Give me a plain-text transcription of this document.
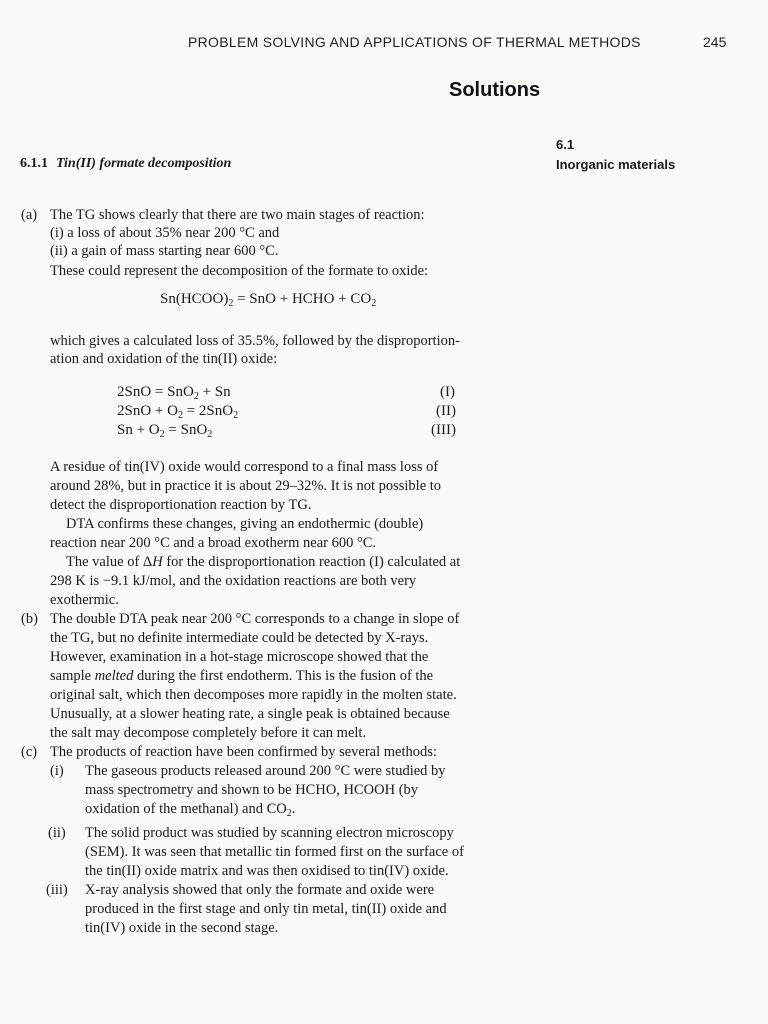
PROBLEM SOLVING AND APPLICATIONS OF THERMAL METHODS	245
Solutions
6.1
Inorganic materials
6.1.1 Tin(II) formate decomposition
(a) The TG shows clearly that there are two main stages of reaction:
(i) a loss of about 35% near 200 °C and
(ii) a gain of mass starting near 600 °C.
These could represent the decomposition of the formate to oxide:
$Sn(HCOO)_2$ = SnO + HCHO + $CO_2$
which gives a calculated loss of 35.5%, followed by the disproportion-
ation and oxidation of the tin(II) oxide:
2SnO = SnO$_2$ + Sn	(I)
$2SnO + O_2 = 2SnO_2$	(II)
$Sn + O_2 = SnO_2$	(III)
A residue of tin(IV) oxide would correspond to a final mass loss of
around 28%, but in practice it is about 29–32%. It is not possible to
detect the disproportionation reaction by TG.
DTA confirms these changes, giving an endothermic (double)
reaction near 200 °C and a broad exotherm near 600 °C.
The value of ΔH for the disproportionation reaction (I) calculated at
298 K is −9.1 kJ/mol, and the oxidation reactions are both very
exothermic.
(b) The double DTA peak near 200 °C corresponds to a change in slope of
the TG, but no definite intermediate could be detected by X-rays.
However, examination in a hot-stage microscope showed that the
sample melted during the first endotherm. This is the fusion of the
original salt, which then decomposes more rapidly in the molten state.
Unusually, at a slower heating rate, a single peak is obtained because
the salt may decompose completely before it can melt.
(c) The products of reaction have been confirmed by several methods:
(i) The gaseous products released around 200 °C were studied by
mass spectrometry and shown to be HCHO, HCOOH (by
oxidation of the methanal) and $CO_2$.
(ii) The solid product was studied by scanning electron microscopy
(SEM). It was seen that metallic tin formed first on the surface of
the tin(II) oxide matrix and was then oxidised to tin(IV) oxide.
(iii) X-ray analysis showed that only the formate and oxide were
produced in the first stage and only tin metal, tin(II) oxide and
tin(IV) oxide in the second stage.
